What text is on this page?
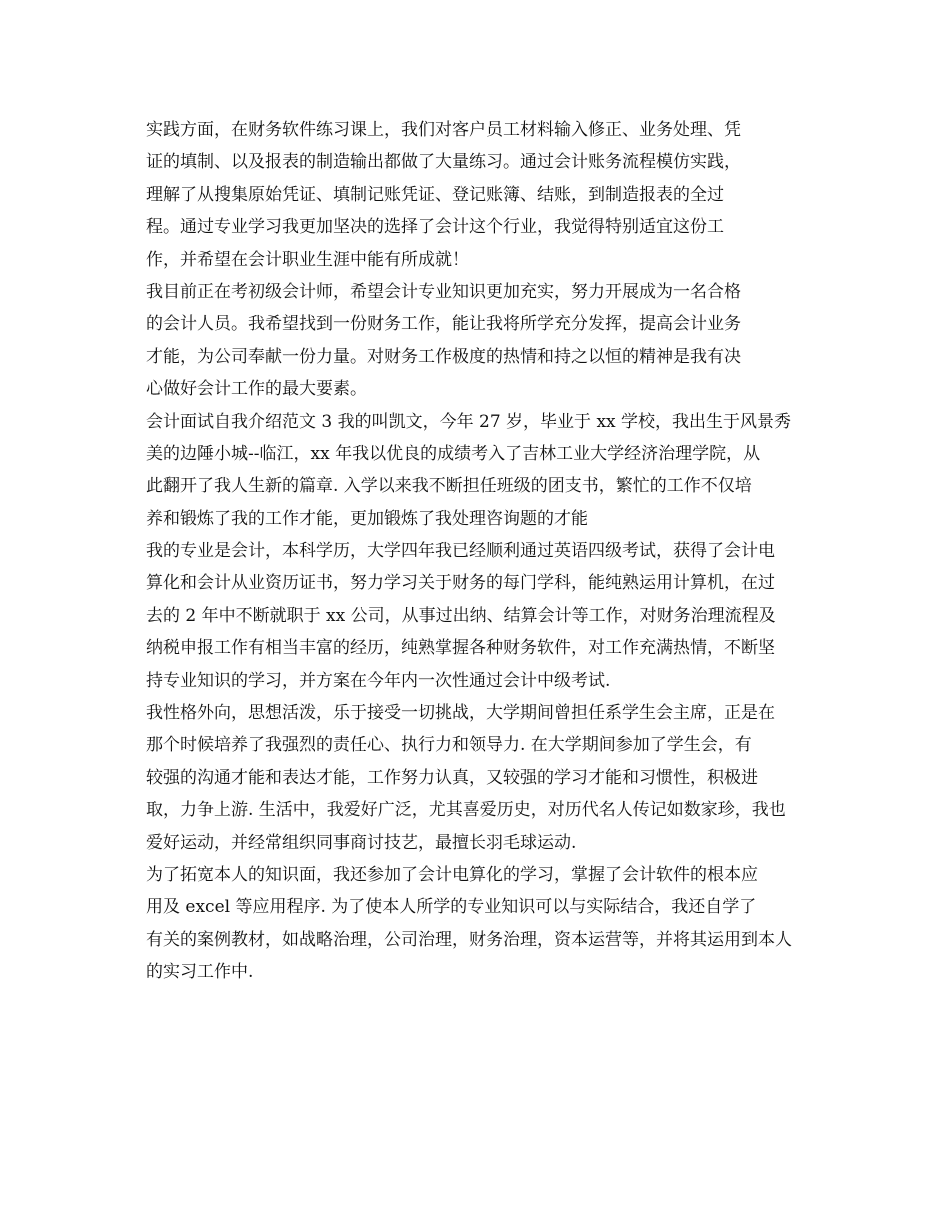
实践方面，在财务软件练习课上，我们对客户员工材料输入修正、业务处理、凭
证的填制、以及报表的制造输出都做了大量练习。通过会计账务流程模仿实践，
理解了从搜集原始凭证、填制记账凭证、登记账簿、结账，到制造报表的全过
程。通过专业学习我更加坚决的选择了会计这个行业，我觉得特别适宜这份工
作，并希望在会计职业生涯中能有所成就！
我目前正在考初级会计师，希望会计专业知识更加充实，努力开展成为一名合格
的会计人员。我希望找到一份财务工作，能让我将所学充分发挥，提高会计业务
才能，为公司奉献一份力量。对财务工作极度的热情和持之以恒的精神是我有决
心做好会计工作的最大要素。
会计面试自我介绍范文 3 我的叫凯文，今年 27 岁，毕业于 xx 学校，我出生于风景秀
美的边陲小城--临江，xx 年我以优良的成绩考入了吉林工业大学经济治理学院，从
此翻开了我人生新的篇章. 入学以来我不断担任班级的团支书，繁忙的工作不仅培
养和锻炼了我的工作才能，更加锻炼了我处理咨询题的才能
我的专业是会计，本科学历，大学四年我已经顺利通过英语四级考试，获得了会计电
算化和会计从业资历证书，努力学习关于财务的每门学科，能纯熟运用计算机，在过
去的 2 年中不断就职于 xx 公司，从事过出纳、结算会计等工作，对财务治理流程及
纳税申报工作有相当丰富的经历，纯熟掌握各种财务软件，对工作充满热情，不断坚
持专业知识的学习，并方案在今年内一次性通过会计中级考试.
我性格外向，思想活泼，乐于接受一切挑战，大学期间曾担任系学生会主席，正是在
那个时候培养了我强烈的责任心、执行力和领导力. 在大学期间参加了学生会，有
较强的沟通才能和表达才能，工作努力认真，又较强的学习才能和习惯性，积极进
取，力争上游. 生活中，我爱好广泛，尤其喜爱历史，对历代名人传记如数家珍，我也
爱好运动，并经常组织同事商讨技艺，最擅长羽毛球运动.
为了拓宽本人的知识面，我还参加了会计电算化的学习，掌握了会计软件的根本应
用及 excel 等应用程序. 为了使本人所学的专业知识可以与实际结合，我还自学了
有关的案例教材，如战略治理，公司治理，财务治理，资本运营等，并将其运用到本人
的实习工作中.
